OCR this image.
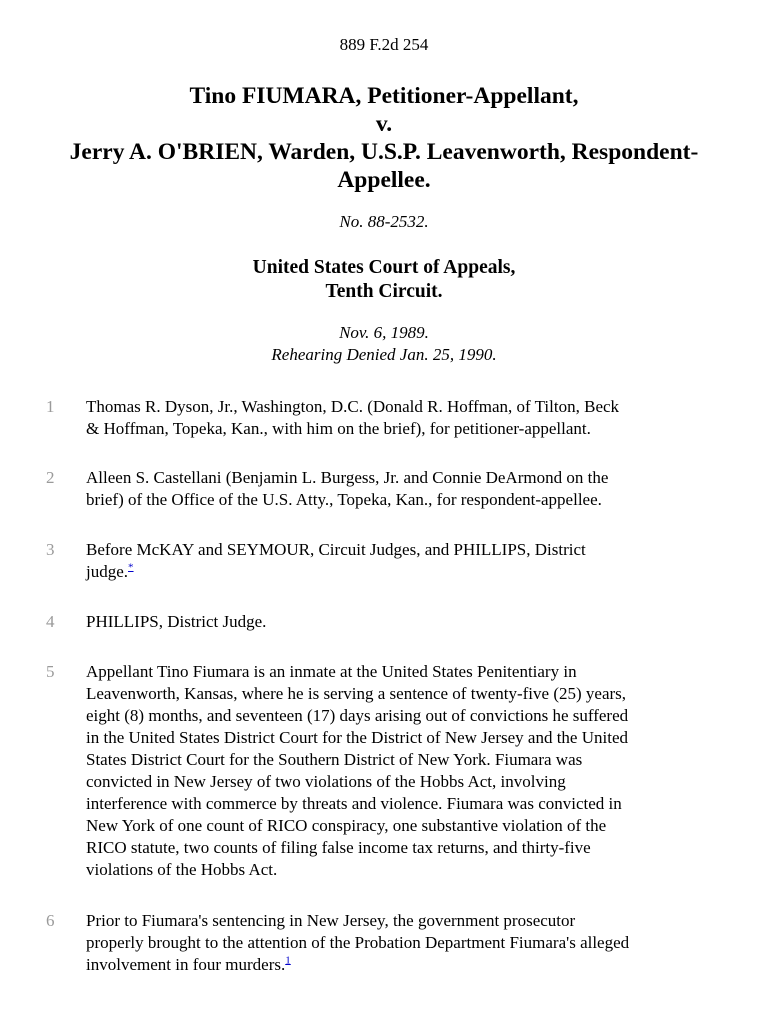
889 F.2d 254
Tino FIUMARA, Petitioner-Appellant,
v.
Jerry A. O'BRIEN, Warden, U.S.P. Leavenworth, Respondent-
Appellee.
No. 88-2532.
United States Court of Appeals,
Tenth Circuit.
Nov. 6, 1989.
Rehearing Denied Jan. 25, 1990.
1 Thomas R. Dyson, Jr., Washington, D.C. (Donald R. Hoffman, of Tilton, Beck
& Hoffman, Topeka, Kan., with him on the brief), for petitioner-appellant.
2 Alleen S. Castellani (Benjamin L. Burgess, Jr. and Connie DeArmond on the
brief) of the Office of the U.S. Atty., Topeka, Kan., for respondent-appellee.
3 Before McKAY and SEYMOUR, Circuit Judges, and PHILLIPS, District
judge.*
4 PHILLIPS, District Judge.
5 Appellant Tino Fiumara is an inmate at the United States Penitentiary in
Leavenworth, Kansas, where he is serving a sentence of twenty-five (25) years,
eight (8) months, and seventeen (17) days arising out of convictions he suffered
in the United States District Court for the District of New Jersey and the United
States District Court for the Southern District of New York. Fiumara was
convicted in New Jersey of two violations of the Hobbs Act, involving
interference with commerce by threats and violence. Fiumara was convicted in
New York of one count of RICO conspiracy, one substantive violation of the
RICO statute, two counts of filing false income tax returns, and thirty-five
violations of the Hobbs Act.
6 Prior to Fiumara's sentencing in New Jersey, the government prosecutor
properly brought to the attention of the Probation Department Fiumara's alleged
involvement in four murders.$^1$
